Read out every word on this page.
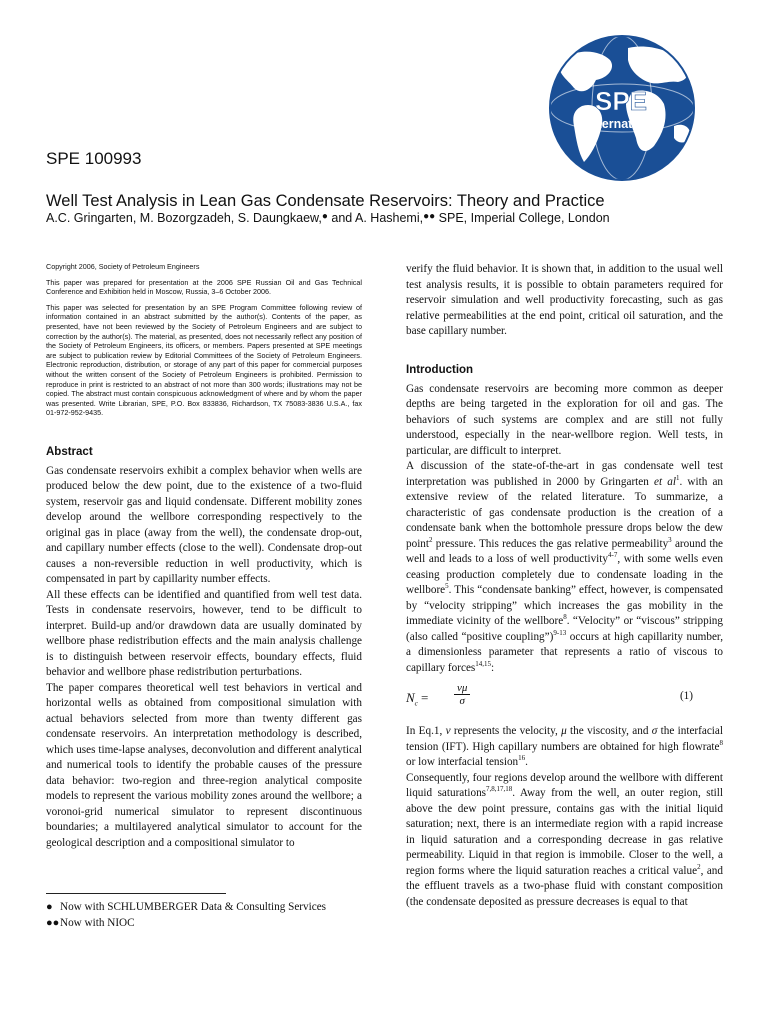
SPE
International
SPE 100993
Well Test Analysis in Lean Gas Condensate Reservoirs: Theory and Practice
A.C. Gringarten, M. Bozorgzadeh, S. Daungkaew,● and A. Hashemi,●● SPE, Imperial College, London

Copyright 2006, Society of Petroleum Engineers

This paper was prepared for presentation at the 2006 SPE Russian Oil and Gas Technical Conference and Exhibition held in Moscow, Russia, 3–6 October 2006.

This paper was selected for presentation by an SPE Program Committee following review of information contained in an abstract submitted by the author(s). Contents of the paper, as presented, have not been reviewed by the Society of Petroleum Engineers and are subject to correction by the author(s). The material, as presented, does not necessarily reflect any position of the Society of Petroleum Engineers, its officers, or members. Papers presented at SPE meetings are subject to publication review by Editorial Committees of the Society of Petroleum Engineers. Electronic reproduction, distribution, or storage of any part of this paper for commercial purposes without the written consent of the Society of Petroleum Engineers is prohibited. Permission to reproduce in print is restricted to an abstract of not more than 300 words; illustrations may not be copied. The abstract must contain conspicuous acknowledgment of where and by whom the paper was presented. Write Librarian, SPE, P.O. Box 833836, Richardson, TX 75083-3836 U.S.A., fax 01-972-952-9435.

Abstract

Gas condensate reservoirs exhibit a complex behavior when wells are produced below the dew point, due to the existence of a two-fluid system, reservoir gas and liquid condensate. Different mobility zones develop around the wellbore corresponding respectively to the original gas in place (away from the well), the condensate drop-out, and capillary number effects (close to the well). Condensate drop-out causes a non-reversible reduction in well productivity, which is compensated in part by capillarity number effects.

All these effects can be identified and quantified from well test data. Tests in condensate reservoirs, however, tend to be difficult to interpret. Build-up and/or drawdown data are usually dominated by wellbore phase redistribution effects and the main analysis challenge is to distinguish between reservoir effects, boundary effects, fluid behavior and wellbore phase redistribution perturbations.

The paper compares theoretical well test behaviors in vertical and horizontal wells as obtained from compositional simulation with actual behaviors selected from more than twenty different gas condensate reservoirs. An interpretation methodology is described, which uses time-lapse analyses, deconvolution and different analytical and numerical tools to identify the probable causes of the pressure data behavior: two-region and three-region analytical composite models to represent the various mobility zones around the wellbore; a voronoi-grid numerical simulator to represent discontinuous boundaries; a multilayered analytical simulator to account for the geological description and a compositional simulator to

● Now with SCHLUMBERGER Data & Consulting Services
●●Now with NIOC

verify the fluid behavior. It is shown that, in addition to the usual well test analysis results, it is possible to obtain parameters required for reservoir simulation and well productivity forecasting, such as gas relative permeabilities at the end point, critical oil saturation, and the base capillary number.

Introduction

Gas condensate reservoirs are becoming more common as deeper depths are being targeted in the exploration for oil and gas. The behaviors of such systems are complex and are still not fully understood, especially in the near-wellbore region. Well tests, in particular, are difficult to interpret.

A discussion of the state-of-the-art in gas condensate well test interpretation was published in 2000 by Gringarten et $al^1$. with an extensive review of the related literature. To summarize, a characteristic of gas condensate production is the creation of a condensate bank when the bottomhole pressure drops below the dew point$^2$ pressure. This reduces the gas relative permeability$^3$ around the well and leads to a loss of well productivity$^{4-7}$, with some wells even ceasing production completely due to condensate loading in the wellbore$^5$. This “condensate banking” effect, however, is compensated by “velocity stripping” which increases the gas mobility in the immediate vicinity of the wellbore$^8$. “Velocity” or “viscous” stripping (also called “positive coupling”)$^{9-13}$ occurs at high capillarity number, a dimensionless parameter that represents a ratio of viscous to capillary forces$^{14,15}$:

$N_c = \frac{v\mu}{\sigma}$	(1)

In Eq.1, v represents the velocity, μ the viscosity, and σ the interfacial tension (IFT). High capillary numbers are obtained for high flowrate$^8$ or low interfacial tension$^{16}$.

Consequently, four regions develop around the wellbore with different liquid saturations$^{7,8,17,18}$. Away from the well, an outer region, still above the dew point pressure, contains gas with the initial liquid saturation; next, there is an intermediate region with a rapid increase in liquid saturation and a corresponding decrease in gas relative permeability. Liquid in that region is immobile. Closer to the well, a region forms where the liquid saturation reaches a critical value$^2$, and the effluent travels as a two-phase fluid with constant composition (the condensate deposited as pressure decreases is equal to that
